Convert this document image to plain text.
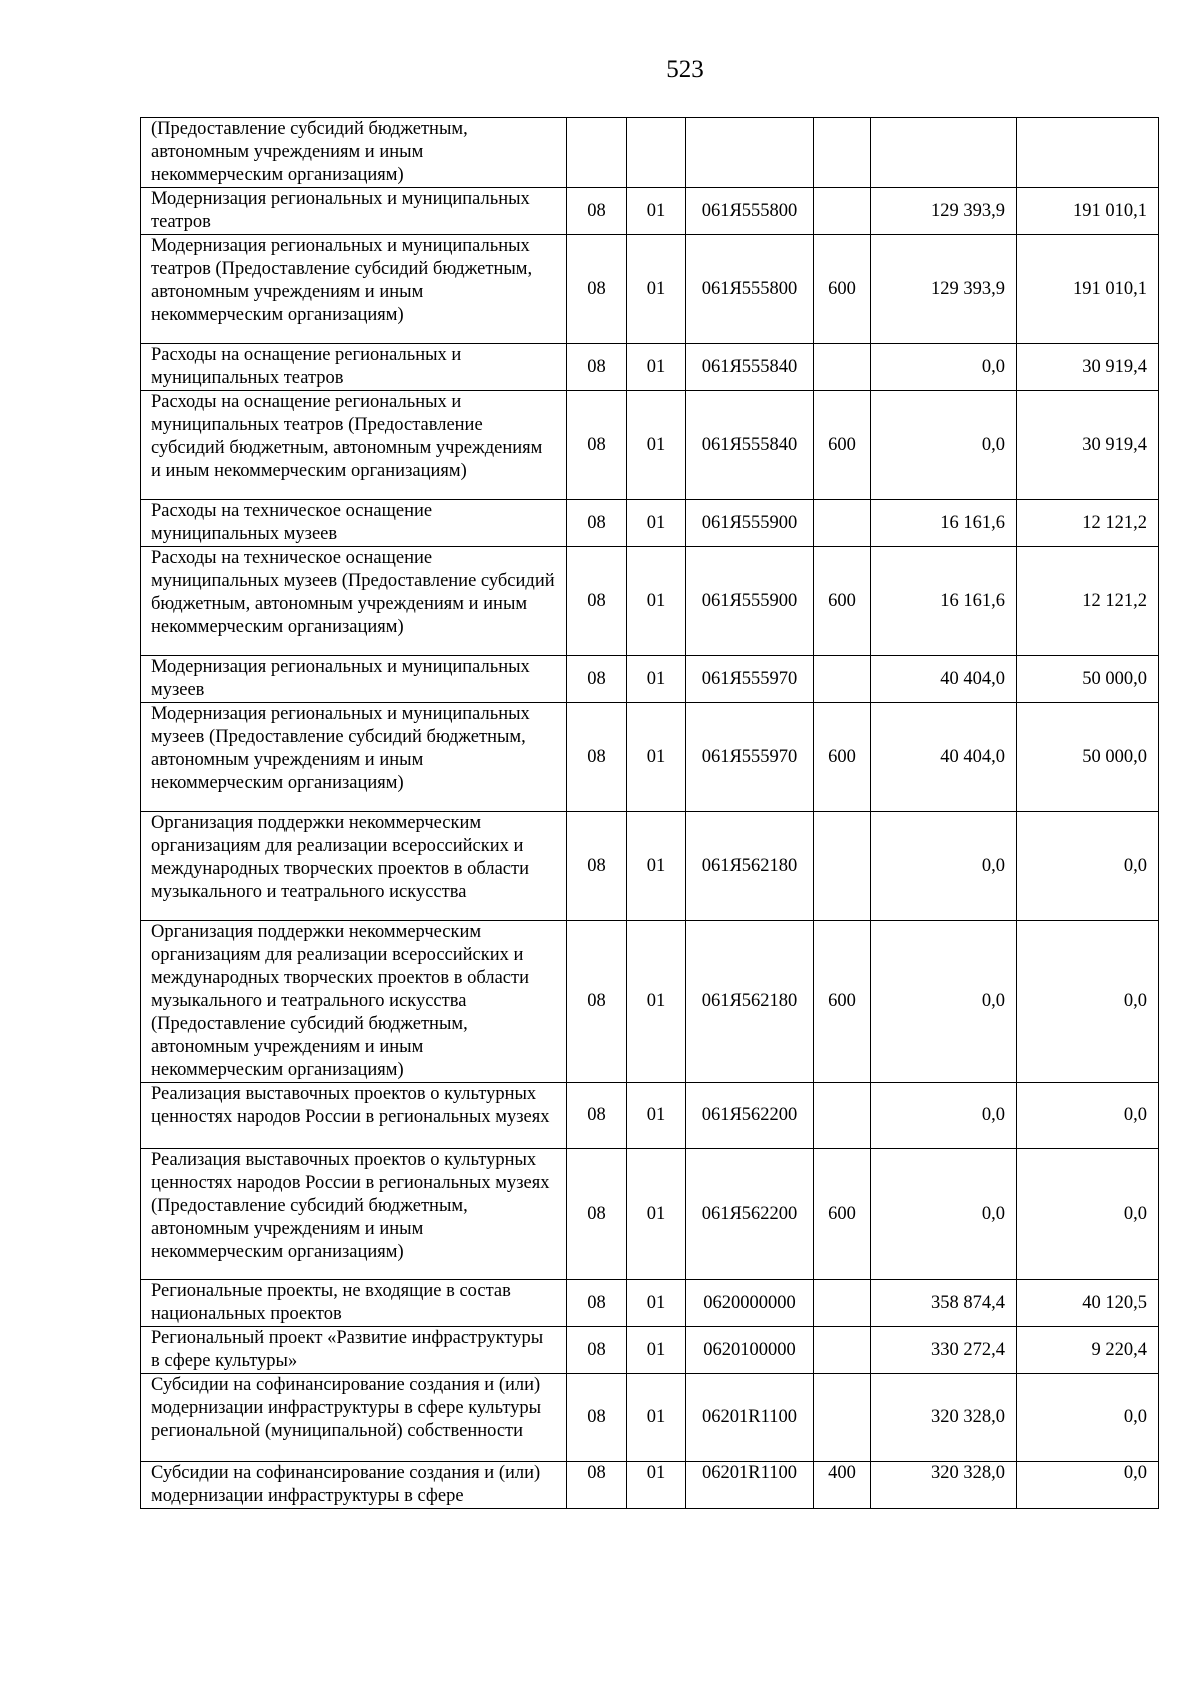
523
(Предоставление субсидий бюджетным, автономным учреждениям и иным некоммерческим организациям)						
Модернизация региональных и муниципальных театров	08	01	061Я555800		129 393,9	191 010,1
Модернизация региональных и муниципальных театров (Предоставление субсидий бюджетным, автономным учреждениям и иным некоммерческим организациям)	08	01	061Я555800	600	129 393,9	191 010,1
Расходы на оснащение региональных и муниципальных театров	08	01	061Я555840		0,0	30 919,4
Расходы на оснащение региональных и муниципальных театров (Предоставление субсидий бюджетным, автономным учреждениям и иным некоммерческим организациям)	08	01	061Я555840	600	0,0	30 919,4
Расходы на техническое оснащение муниципальных музеев	08	01	061Я555900		16 161,6	12 121,2
Расходы на техническое оснащение муниципальных музеев (Предоставление субсидий бюджетным, автономным учреждениям и иным некоммерческим организациям)	08	01	061Я555900	600	16 161,6	12 121,2
Модернизация региональных и муниципальных музеев	08	01	061Я555970		40 404,0	50 000,0
Модернизация региональных и муниципальных музеев (Предоставление субсидий бюджетным, автономным учреждениям и иным некоммерческим организациям)	08	01	061Я555970	600	40 404,0	50 000,0
Организация поддержки некоммерческим организациям для реализации всероссийских и международных творческих проектов в области музыкального и театрального искусства	08	01	061Я562180		0,0	0,0
Организация поддержки некоммерческим организациям для реализации всероссийских и международных творческих проектов в области музыкального и театрального искусства (Предоставление субсидий бюджетным, автономным учреждениям и иным некоммерческим организациям)	08	01	061Я562180	600	0,0	0,0
Реализация выставочных проектов о культурных ценностях народов России в региональных музеях	08	01	061Я562200		0,0	0,0
Реализация выставочных проектов о культурных ценностях народов России в региональных музеях (Предоставление субсидий бюджетным, автономным учреждениям и иным некоммерческим организациям)	08	01	061Я562200	600	0,0	0,0
Региональные проекты, не входящие в состав национальных проектов	08	01	0620000000		358 874,4	40 120,5
Региональный проект «Развитие инфраструктуры в сфере культуры»	08	01	0620100000		330 272,4	9 220,4
Субсидии на софинансирование создания и (или) модернизации инфраструктуры в сфере культуры региональной (муниципальной) собственности	08	01	06201R1100		320 328,0	0,0
Субсидии на софинансирование создания и (или) модернизации инфраструктуры в сфере	08	01	06201R1100	400	320 328,0	0,0
